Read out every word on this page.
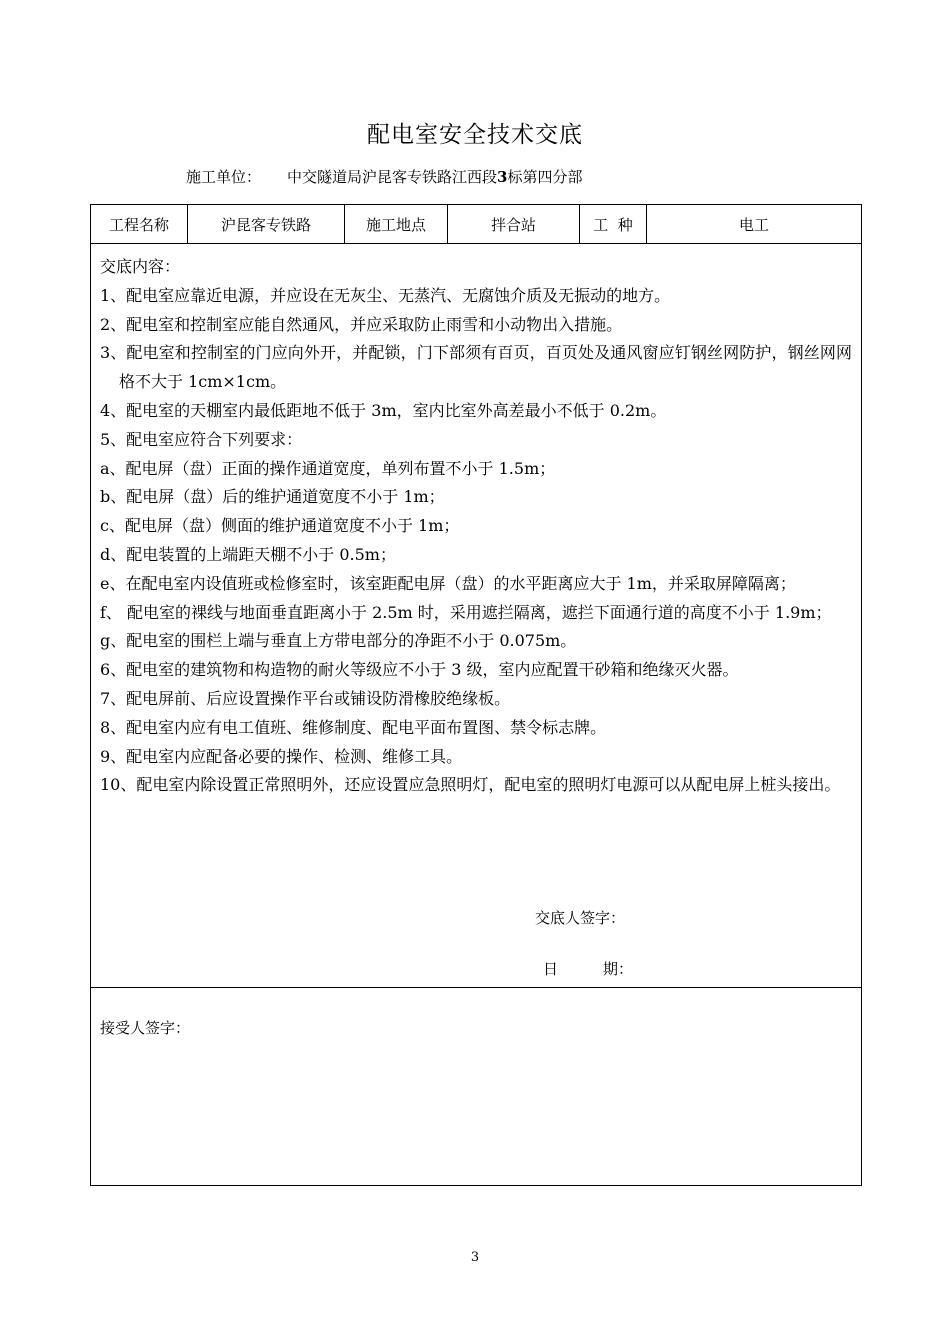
配电室安全技术交底
施工单位： 中交隧道局沪昆客专铁路江西段3标第四分部
工程名称	沪昆客专铁路	施工地点	拌合站	工  种	电工
交底内容：
1、配电室应靠近电源，并应设在无灰尘、无蒸汽、无腐蚀介质及无振动的地方。
2、配电室和控制室应能自然通风，并应采取防止雨雪和小动物出入措施。
3、配电室和控制室的门应向外开，并配锁，门下部须有百页，百页处及通风窗应钉钢丝网防护，钢丝网网格不大于 1cm×1cm。
4、配电室的天棚室内最低距地不低于 3m，室内比室外高差最小不低于 0.2m。
5、配电室应符合下列要求：
a、配电屏（盘）正面的操作通道宽度，单列布置不小于 1.5m；
b、配电屏（盘）后的维护通道宽度不小于 1m；
c、配电屏（盘）侧面的维护通道宽度不小于 1m；
d、配电装置的上端距天棚不小于 0.5m；
e、在配电室内设值班或检修室时，该室距配电屏（盘）的水平距离应大于 1m，并采取屏障隔离；
f、 配电室的裸线与地面垂直距离小于 2.5m 时，采用遮拦隔离，遮拦下面通行道的高度不小于 1.9m；
g、配电室的围栏上端与垂直上方带电部分的净距不小于 0.075m。
6、配电室的建筑物和构造物的耐火等级应不小于 3 级，室内应配置干砂箱和绝缘灭火器。
7、配电屏前、后应设置操作平台或铺设防滑橡胶绝缘板。
8、配电室内应有电工值班、维修制度、配电平面布置图、禁令标志牌。
9、配电室内应配备必要的操作、检测、维修工具。
10、配电室内除设置正常照明外，还应设置应急照明灯，配电室的照明灯电源可以从配电屏上桩头接出。
交底人签字：
日　　　期：
接受人签字：
3
